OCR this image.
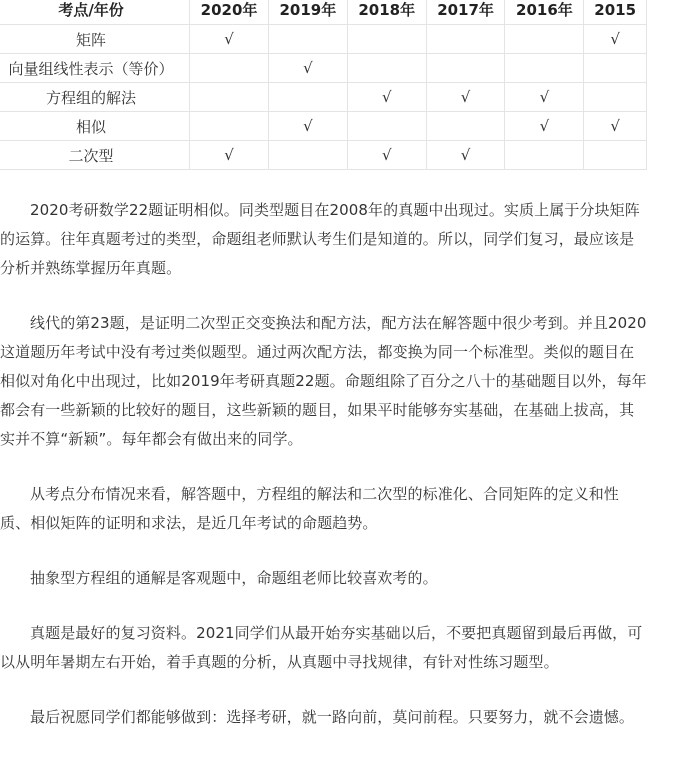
考点/年份	2020年	2019年	2018年	2017年	2016年	2015
矩阵	√					√
向量组线性表示（等价）		√				
方程组的解法			√	√	√	
相似		√			√	√
二次型	√		√	√		

2020考研数学22题证明相似。同类型题目在2008年的真题中出现过。实质上属于分块矩阵的运算。往年真题考过的类型，命题组老师默认考生们是知道的。所以，同学们复习，最应该是分析并熟练掌握历年真题。

线代的第23题，是证明二次型正交变换法和配方法，配方法在解答题中很少考到。并且2020这道题历年考试中没有考过类似题型。通过两次配方法，都变换为同一个标准型。类似的题目在相似对角化中出现过，比如2019年考研真题22题。命题组除了百分之八十的基础题目以外，每年都会有一些新颖的比较好的题目，这些新颖的题目，如果平时能够夯实基础，在基础上拔高，其实并不算“新颖”。每年都会有做出来的同学。

从考点分布情况来看，解答题中，方程组的解法和二次型的标准化、合同矩阵的定义和性质、相似矩阵的证明和求法，是近几年考试的命题趋势。

抽象型方程组的通解是客观题中，命题组老师比较喜欢考的。

真题是最好的复习资料。2021同学们从最开始夯实基础以后，不要把真题留到最后再做，可以从明年暑期左右开始，着手真题的分析，从真题中寻找规律，有针对性练习题型。

最后祝愿同学们都能够做到：选择考研，就一路向前，莫问前程。只要努力，就不会遗憾。
